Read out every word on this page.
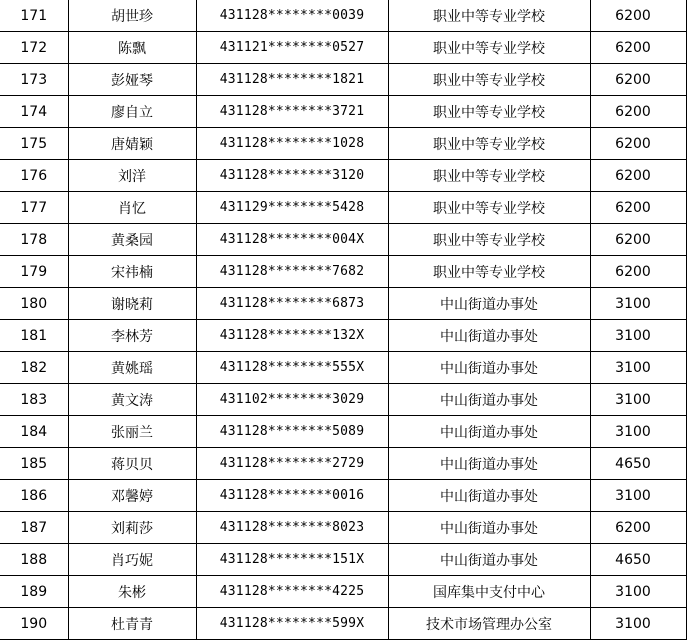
171	胡世珍	431128********0039	职业中等专业学校	6200
172	陈飘	431121********0527	职业中等专业学校	6200
173	彭娅琴	431128********1821	职业中等专业学校	6200
174	廖自立	431128********3721	职业中等专业学校	6200
175	唐婧颖	431128********1028	职业中等专业学校	6200
176	刘洋	431128********3120	职业中等专业学校	6200
177	肖忆	431129********5428	职业中等专业学校	6200
178	黄桑园	431128********004X	职业中等专业学校	6200
179	宋祎楠	431128********7682	职业中等专业学校	6200
180	谢晓莉	431128********6873	中山街道办事处	3100
181	李林芳	431128********132X	中山街道办事处	3100
182	黄姚瑶	431128********555X	中山街道办事处	3100
183	黄文涛	431102********3029	中山街道办事处	3100
184	张丽兰	431128********5089	中山街道办事处	3100
185	蒋贝贝	431128********2729	中山街道办事处	4650
186	邓馨婷	431128********0016	中山街道办事处	3100
187	刘莉莎	431128********8023	中山街道办事处	6200
188	肖巧妮	431128********151X	中山街道办事处	4650
189	朱彬	431128********4225	国库集中支付中心	3100
190	杜青青	431128********599X	技术市场管理办公室	3100
